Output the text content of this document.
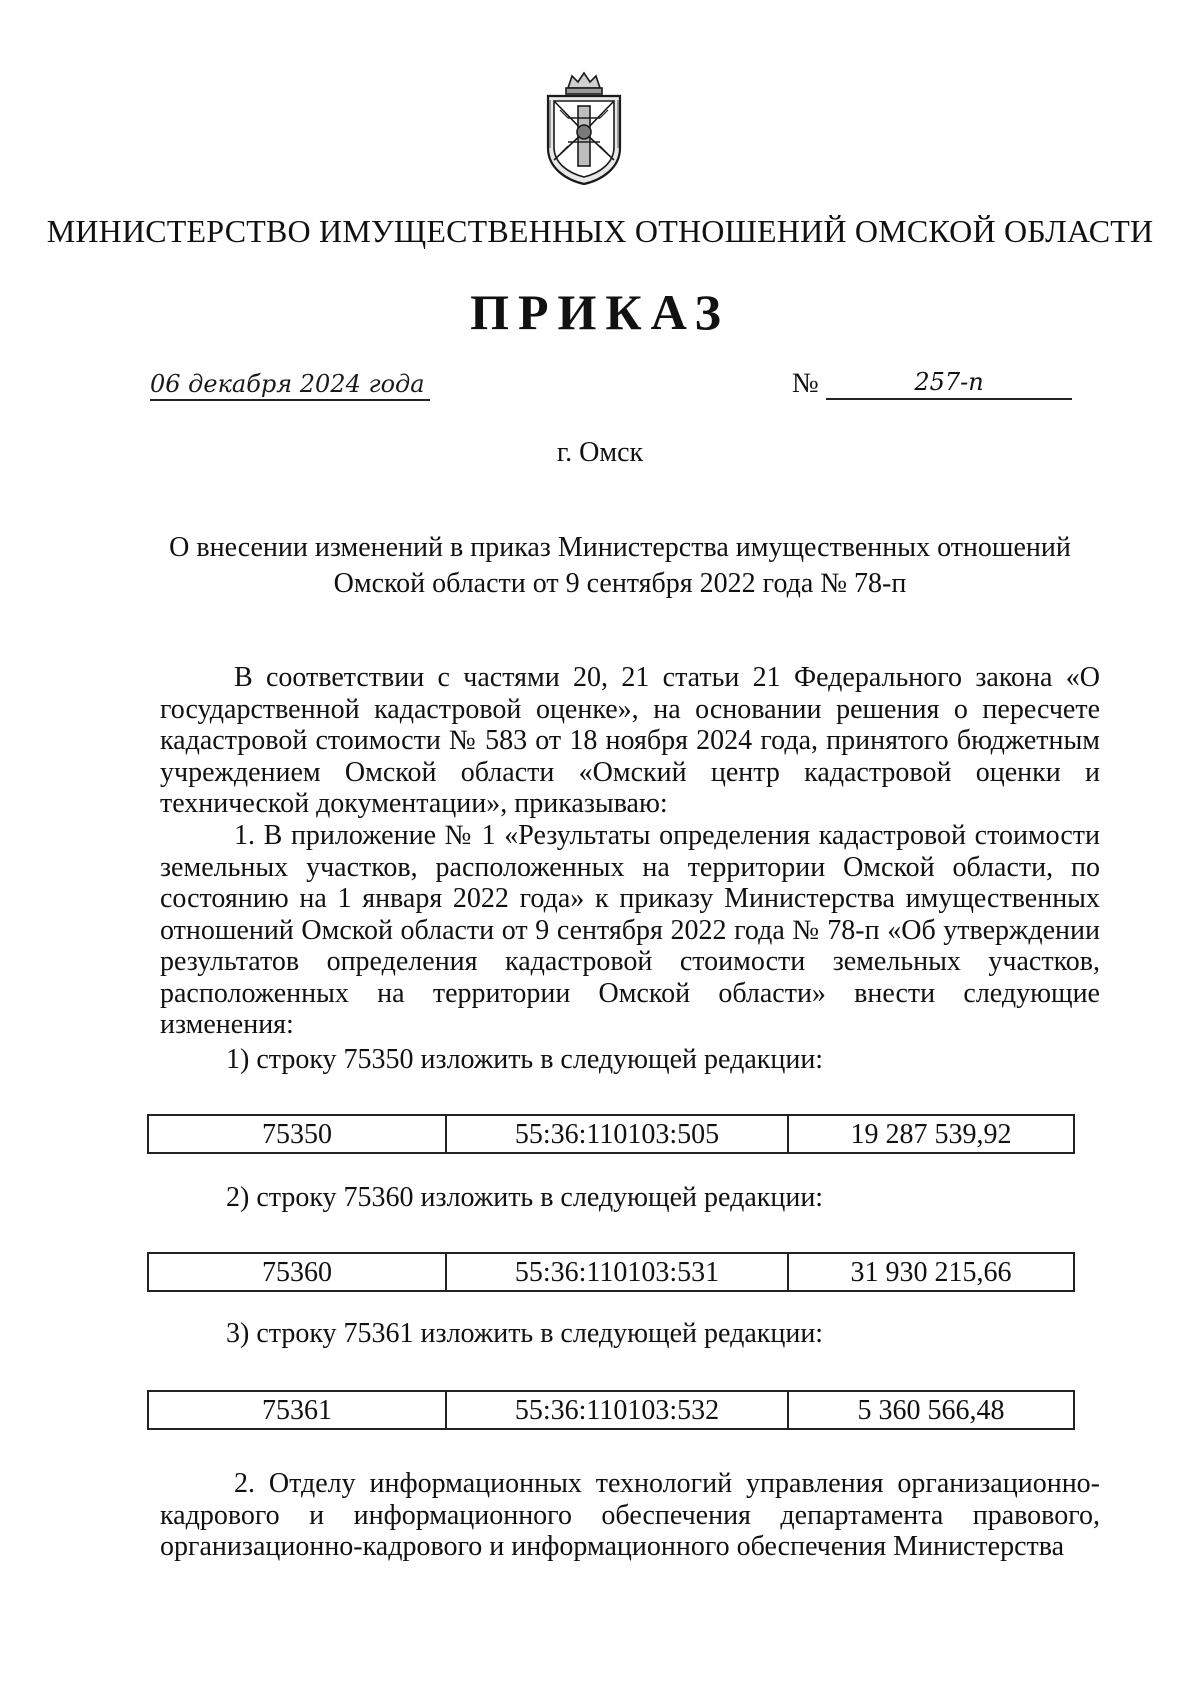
МИНИСТЕРСТВО ИМУЩЕСТВЕННЫХ ОТНОШЕНИЙ ОМСКОЙ ОБЛАСТИ
ПРИКАЗ
06 декабря 2024 года	№	257-п
г. Омск
О внесении изменений в приказ Министерства имущественных отношений
Омской области от 9 сентября 2022 года № 78-п
В соответствии с частями 20, 21 статьи 21 Федерального закона «О государственной кадастровой оценке», на основании решения о пересчете кадастровой стоимости № 583 от 18 ноября 2024 года, принятого бюджетным учреждением Омской области «Омский центр кадастровой оценки и технической документации», приказываю:
1. В приложение № 1 «Результаты определения кадастровой стоимости земельных участков, расположенных на территории Омской области, по состоянию на 1 января 2022 года» к приказу Министерства имущественных отношений Омской области от 9 сентября 2022 года № 78-п «Об утверждении результатов определения кадастровой стоимости земельных участков, расположенных на территории Омской области» внести следующие изменения:
1) строку 75350 изложить в следующей редакции:
75350	55:36:110103:505	19 287 539,92
2) строку 75360 изложить в следующей редакции:
75360	55:36:110103:531	31 930 215,66
3) строку 75361 изложить в следующей редакции:
75361	55:36:110103:532	5 360 566,48
2. Отделу информационных технологий управления организационно-кадрового и информационного обеспечения департамента правового, организационно-кадрового и информационного обеспечения Министерства
